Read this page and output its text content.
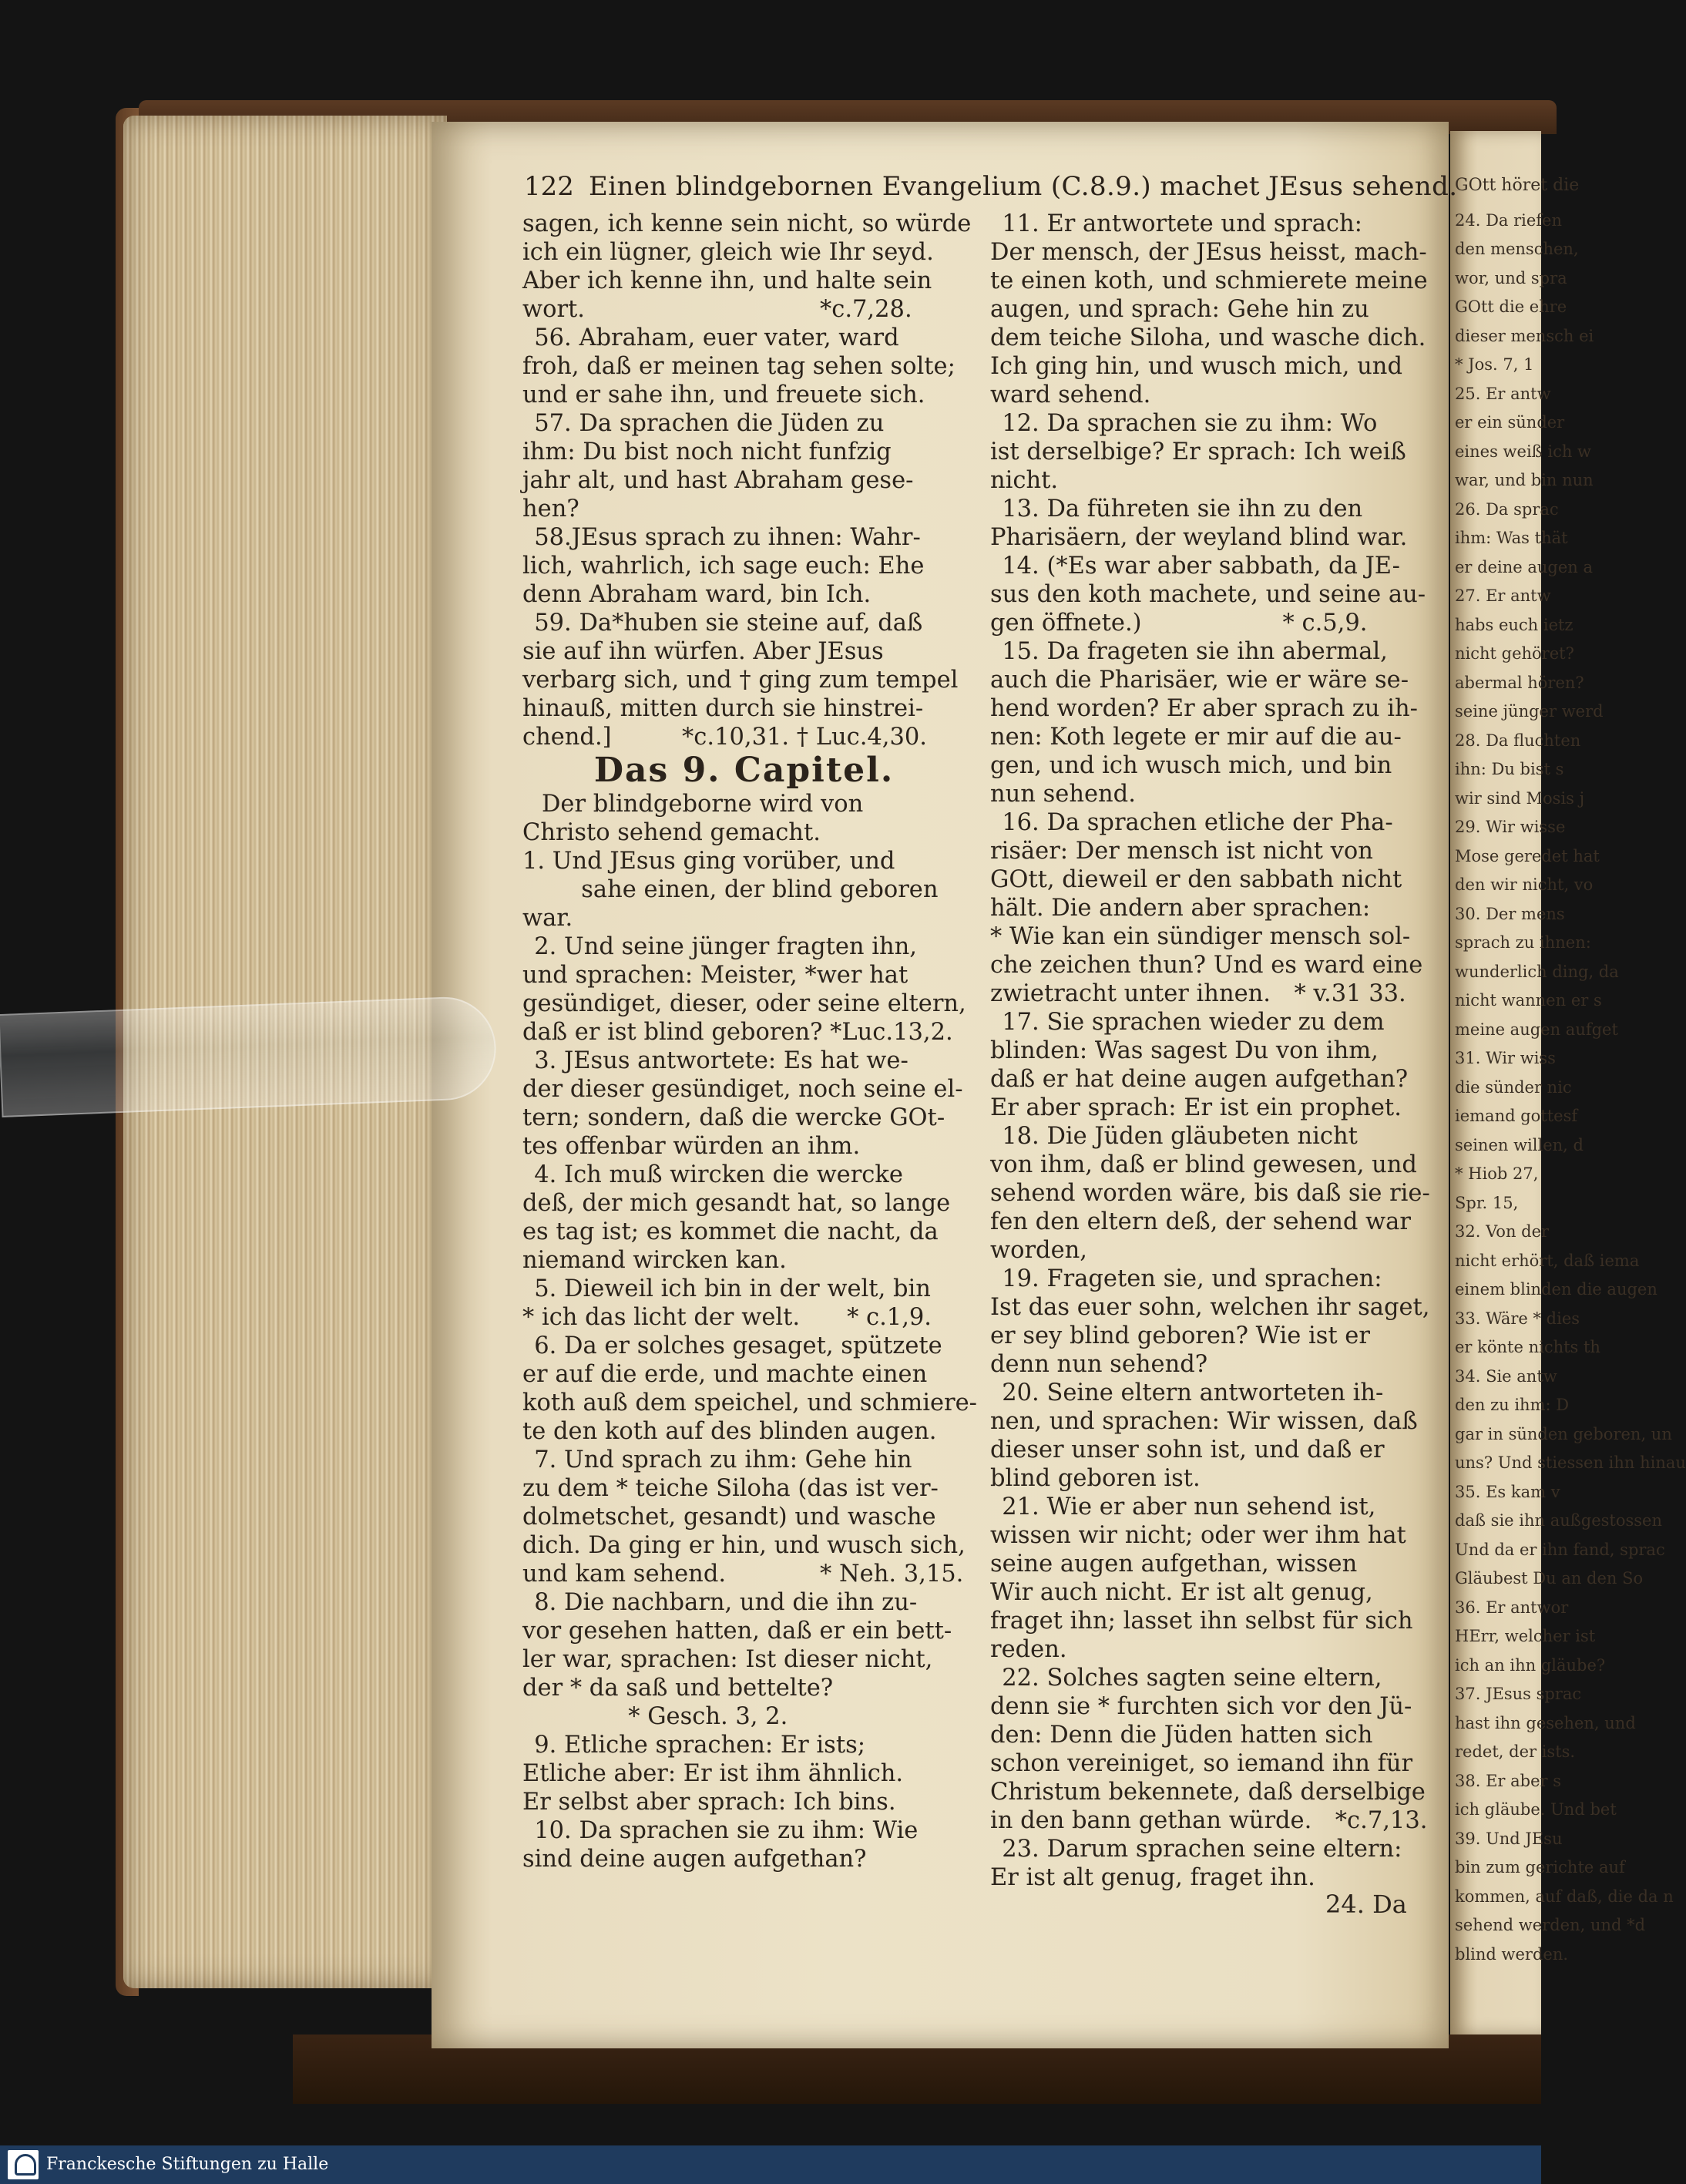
GOtt höret die
24. Da riefen
den menschen,
wor, und spra
GOtt die ehre
dieser mensch ei
* Jos. 7, 1
25. Er antw
er ein sünder
eines weiß ich w
war, und bin nun
26. Da sprac
ihm: Was thät
er deine augen a
27. Er antw
habs euch ietz
nicht gehöret?
abermal hören?
seine jünger werd
28. Da fluchten
ihn: Du bist s
wir sind Mosis j
29. Wir wisse
Mose geredet hat
den wir nicht, vo
30. Der mens
sprach zu ihnen:
wunderlich ding, da
nicht wannen er s
meine augen aufget
31. Wir wiss
die sünder nic
iemand gottesf
seinen willen, d
* Hiob 27,
Spr. 15,
32. Von der
nicht erhört, daß iema
einem blinden die augen
33. Wäre * dies
er könte nichts th
34. Sie antw
den zu ihm: D
gar in sünden geboren, un
uns? Und stiessen ihn hinau
35. Es kam v
daß sie ihn außgestossen
Und da er ihn fand, sprac
Gläubest Du an den So
36. Er antwor
HErr, welcher ist
ich an ihn gläube?
37. JEsus sprac
hast ihn gesehen, und
redet, der ists.
38. Er aber s
ich gläube. Und bet
39. Und JEsu
bin zum gerichte auf
kommen, auf daß, die da n
sehend werden, und *d
blind werden.
122 Einen blindgebornen Evangelium (C.8.9.) machet JEsus sehend.
sagen, ich kenne sein nicht, so würde
ich ein lügner, gleich wie Ihr seyd.
Aber ich kenne ihn, und halte sein
wort.          *c.7,28.
 56. Abraham, euer vater, ward
froh, daß er meinen tag sehen solte;
und er sahe ihn, und freuete sich.
 57. Da sprachen die Jüden zu
ihm: Du bist noch nicht funfzig
jahr alt, und hast Abraham gese-
hen?
 58.JEsus sprach zu ihnen: Wahr-
lich, wahrlich, ich sage euch: Ehe
denn Abraham ward, bin Ich.
 59. Da*huben sie steine auf, daß
sie auf ihn würfen. Aber JEsus
verbarg sich, und † ging zum tempel
hinauß, mitten durch sie hinstrei-
chend.]   *c.10,31. † Luc.4,30.
Das 9. Capitel.
  Der blindgeborne wird von
Christo sehend gemacht.
1. Und JEsus ging vorüber, und
   sahe einen, der blind geboren
war.
 2. Und seine jünger fragten ihn,
und sprachen: Meister, *wer hat
gesündiget, dieser, oder seine eltern,
daß er ist blind geboren? *Luc.13,2.
 3. JEsus antwortete: Es hat we-
der dieser gesündiget, noch seine el-
tern; sondern, daß die wercke GOt-
tes offenbar würden an ihm.
 4. Ich muß wircken die wercke
deß, der mich gesandt hat, so lange
es tag ist; es kommet die nacht, da
niemand wircken kan.
 5. Dieweil ich bin in der welt, bin
* ich das licht der welt.  * c.1,9.
 6. Da er solches gesaget, spützete
er auf die erde, und machte einen
koth auß dem speichel, und schmiere-
te den koth auf des blinden augen.
 7. Und sprach zu ihm: Gehe hin
zu dem * teiche Siloha (das ist ver-
dolmetschet, gesandt) und wasche
dich. Da ging er hin, und wusch sich,
und kam sehend.    * Neh. 3,15.
 8. Die nachbarn, und die ihn zu-
vor gesehen hatten, daß er ein bett-
ler war, sprachen: Ist dieser nicht,
der * da saß und bettelte?
     * Gesch. 3, 2.
 9. Etliche sprachen: Er ists;
Etliche aber: Er ist ihm ähnlich.
Er selbst aber sprach: Ich bins.
 10. Da sprachen sie zu ihm: Wie
sind deine augen aufgethan?
 11. Er antwortete und sprach:
Der mensch, der JEsus heisst, mach-
te einen koth, und schmierete meine
augen, und sprach: Gehe hin zu
dem teiche Siloha, und wasche dich.
Ich ging hin, und wusch mich, und
ward sehend.
 12. Da sprachen sie zu ihm: Wo
ist derselbige? Er sprach: Ich weiß
nicht.
 13. Da führeten sie ihn zu den
Pharisäern, der weyland blind war.
 14. (*Es war aber sabbath, da JE-
sus den koth machete, und seine au-
gen öffnete.)      * c.5,9.
 15. Da frageten sie ihn abermal,
auch die Pharisäer, wie er wäre se-
hend worden? Er aber sprach zu ih-
nen: Koth legete er mir auf die au-
gen, und ich wusch mich, und bin
nun sehend.
 16. Da sprachen etliche der Pha-
risäer: Der mensch ist nicht von
GOtt, dieweil er den sabbath nicht
hält. Die andern aber sprachen:
* Wie kan ein sündiger mensch sol-
che zeichen thun? Und es ward eine
zwietracht unter ihnen. * v.31 33.
 17. Sie sprachen wieder zu dem
blinden: Was sagest Du von ihm,
daß er hat deine augen aufgethan?
Er aber sprach: Er ist ein prophet.
 18. Die Jüden gläubeten nicht
von ihm, daß er blind gewesen, und
sehend worden wäre, bis daß sie rie-
fen den eltern deß, der sehend war
worden,
 19. Frageten sie, und sprachen:
Ist das euer sohn, welchen ihr saget,
er sey blind geboren? Wie ist er
denn nun sehend?
 20. Seine eltern antworteten ih-
nen, und sprachen: Wir wissen, daß
dieser unser sohn ist, und daß er
blind geboren ist.
 21. Wie er aber nun sehend ist,
wissen wir nicht; oder wer ihm hat
seine augen aufgethan, wissen
Wir auch nicht. Er ist alt genug,
fraget ihn; lasset ihn selbst für sich
reden.
 22. Solches sagten seine eltern,
denn sie * furchten sich vor den Jü-
den: Denn die Jüden hatten sich
schon vereiniget, so iemand ihn für
Christum bekennete, daß derselbige
in den bann gethan würde. *c.7,13.
 23. Darum sprachen seine eltern:
Er ist alt genug, fraget ihn.
24. Da
Franckesche Stiftungen zu Halle
